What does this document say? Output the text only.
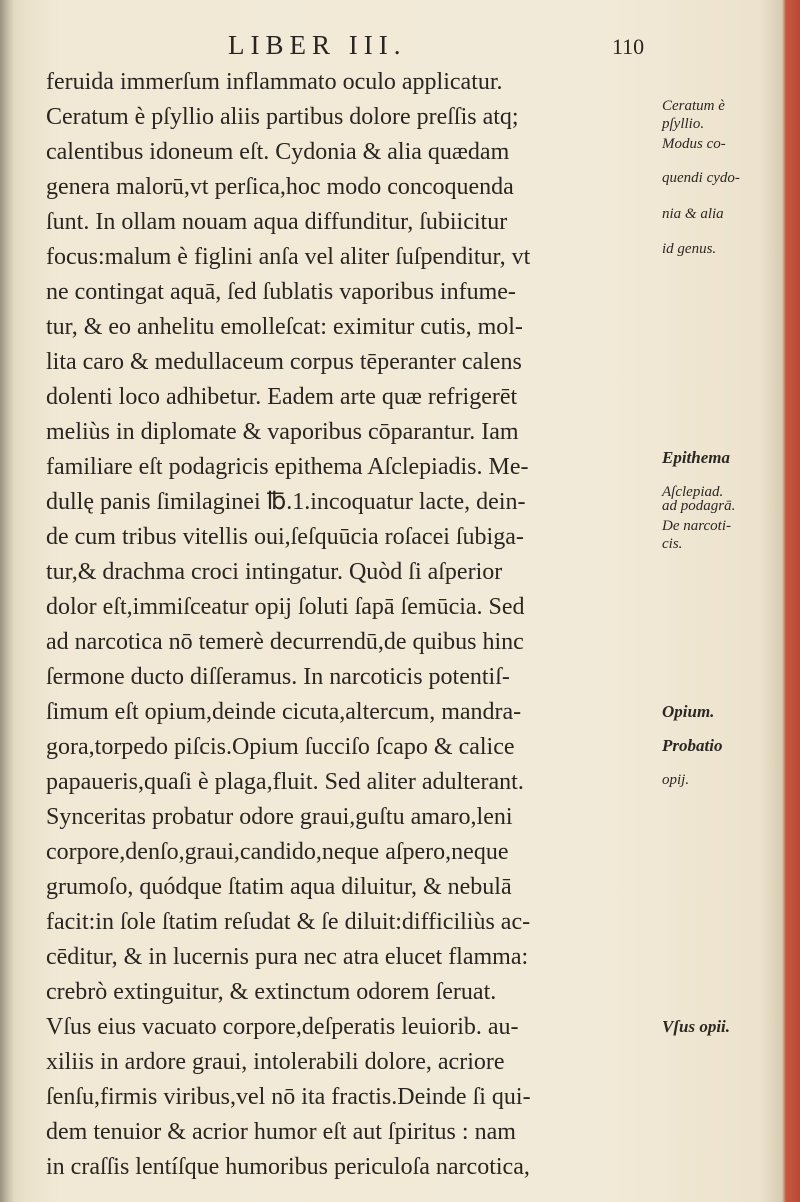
LIBER III.	110
feruida immerſum inflammato oculo applicatur.
Ceratum è pſyllio aliis partibus dolore preſſis atq;
calentibus idoneum eſt. Cydonia & alia quædam
genera malorū,vt perſica,hoc modo concoquenda
ſunt. In ollam nouam aqua diffunditur, ſubiicitur
focus:malum è figlini anſa vel aliter ſuſpenditur, vt
ne contingat aquā, ſed ſublatis vaporibus infume-
tur, & eo anhelitu emolleſcat: eximitur cutis, mol-
lita caro & medullaceum corpus tēperanter calens
dolenti loco adhibetur. Eadem arte quæ refrigerēt
meliùs in diplomate & vaporibus cōparantur. Iam
familiare eſt podagricis epithema Aſclepiadis. Me-
dullę panis ſimilaginei ℔.1.incoquatur lacte, dein-
de cum tribus vitellis oui,ſeſquūcia roſacei ſubiga-
tur,& drachma croci intingatur. Quòd ſi aſperior
dolor eſt,immiſceatur opij ſoluti ſapā ſemūcia. Sed
ad narcotica nō temerè decurrendū,de quibus hinc
ſermone ducto diſſeramus. In narcoticis potentiſ-
ſimum eſt opium,deinde cicuta,altercum, mandra-
gora,torpedo piſcis.Opium ſucciſo ſcapo & calice
papaueris,quaſi è plaga,fluit. Sed aliter adulterant.
Synceritas probatur odore graui,guſtu amaro,leni
corpore,denſo,graui,candido,neque aſpero,neque
grumoſo, quódque ſtatim aqua diluitur, & nebulā
facit:in ſole ſtatim reſudat & ſe diluit:difficiliùs ac-
cēditur, & in lucernis pura nec atra elucet flamma:
crebrò extinguitur, & extinctum odorem ſeruat.
Vſus eius vacuato corpore,deſperatis leuiorib. au-
xiliis in ardore graui, intolerabili dolore, acriore
ſenſu,firmis viribus,vel nō ita fractis.Deinde ſi qui-
dem tenuior & acrior humor eſt aut ſpiritus : nam
in craſſis lentíſque humoribus periculoſa narcotica,
Ceratum è
pſyllio.
Modus co-
quendi cydo-
nia & alia
id genus.
Epithema
Aſclepiad.
ad podagrā.
De narcoti-
cis.
Opium.
Probatio
opij.
Vſus opii.
